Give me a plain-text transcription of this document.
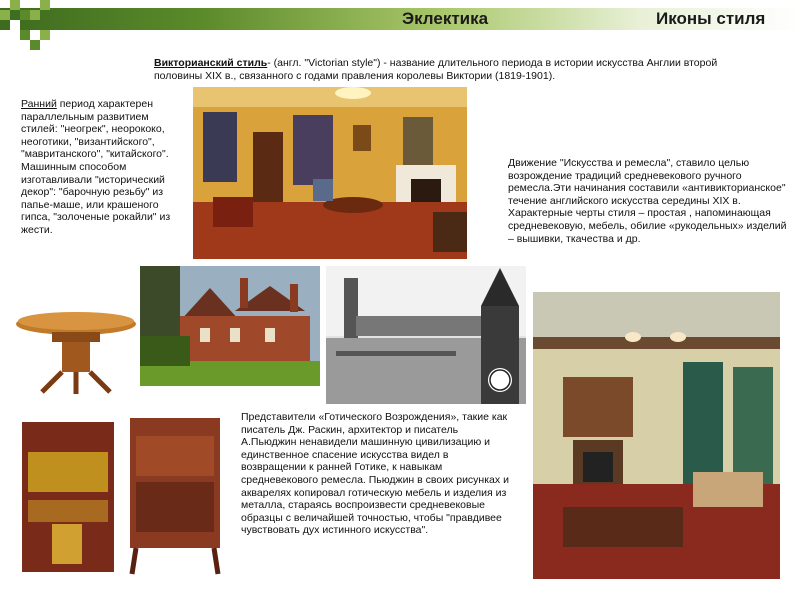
Эклектика	Иконы стиля
Викторианский стиль- (англ. "Victorian style") - название длительного периода в истории искусства Англии второй половины XIX в., связанного с годами правления королевы Виктории (1819-1901).
Ранний период характерен параллельным развитием стилей: "неогрек", неорококо, неоготики, "византийского", "мавританского", "китайского". Машинным способом изготавливали "исторический декор": "барочную резьбу" из папье-маше, или крашеного гипса, "золоченые рокайли" из жести.
Движение "Искусства и ремесла", ставило целью возрождение традиций средневекового ручного ремесла.Эти начинания составили «антивикторианское" течение английского искусства середины XIX в. Характерные черты стиля – простая , напоминающая средневековую, мебель, обилие «рукодельных» изделий – вышивки, ткачества и др.
Представители «Готического Возрождения», такие как писатель Дж. Раскин, архитектор и писатель А.Пьюджин ненавидели машинную цивилизацию и единственное спасение искусства видел в возвращении к ранней Готике, к навыкам средневекового ремесла. Пьюджин в своих рисунках и акварелях копировал готическую мебель и изделия из металла, стараясь воспроизвести средневековые образцы с величайшей точностью, чтобы "правдивее чувствовать дух истинного искусства".
